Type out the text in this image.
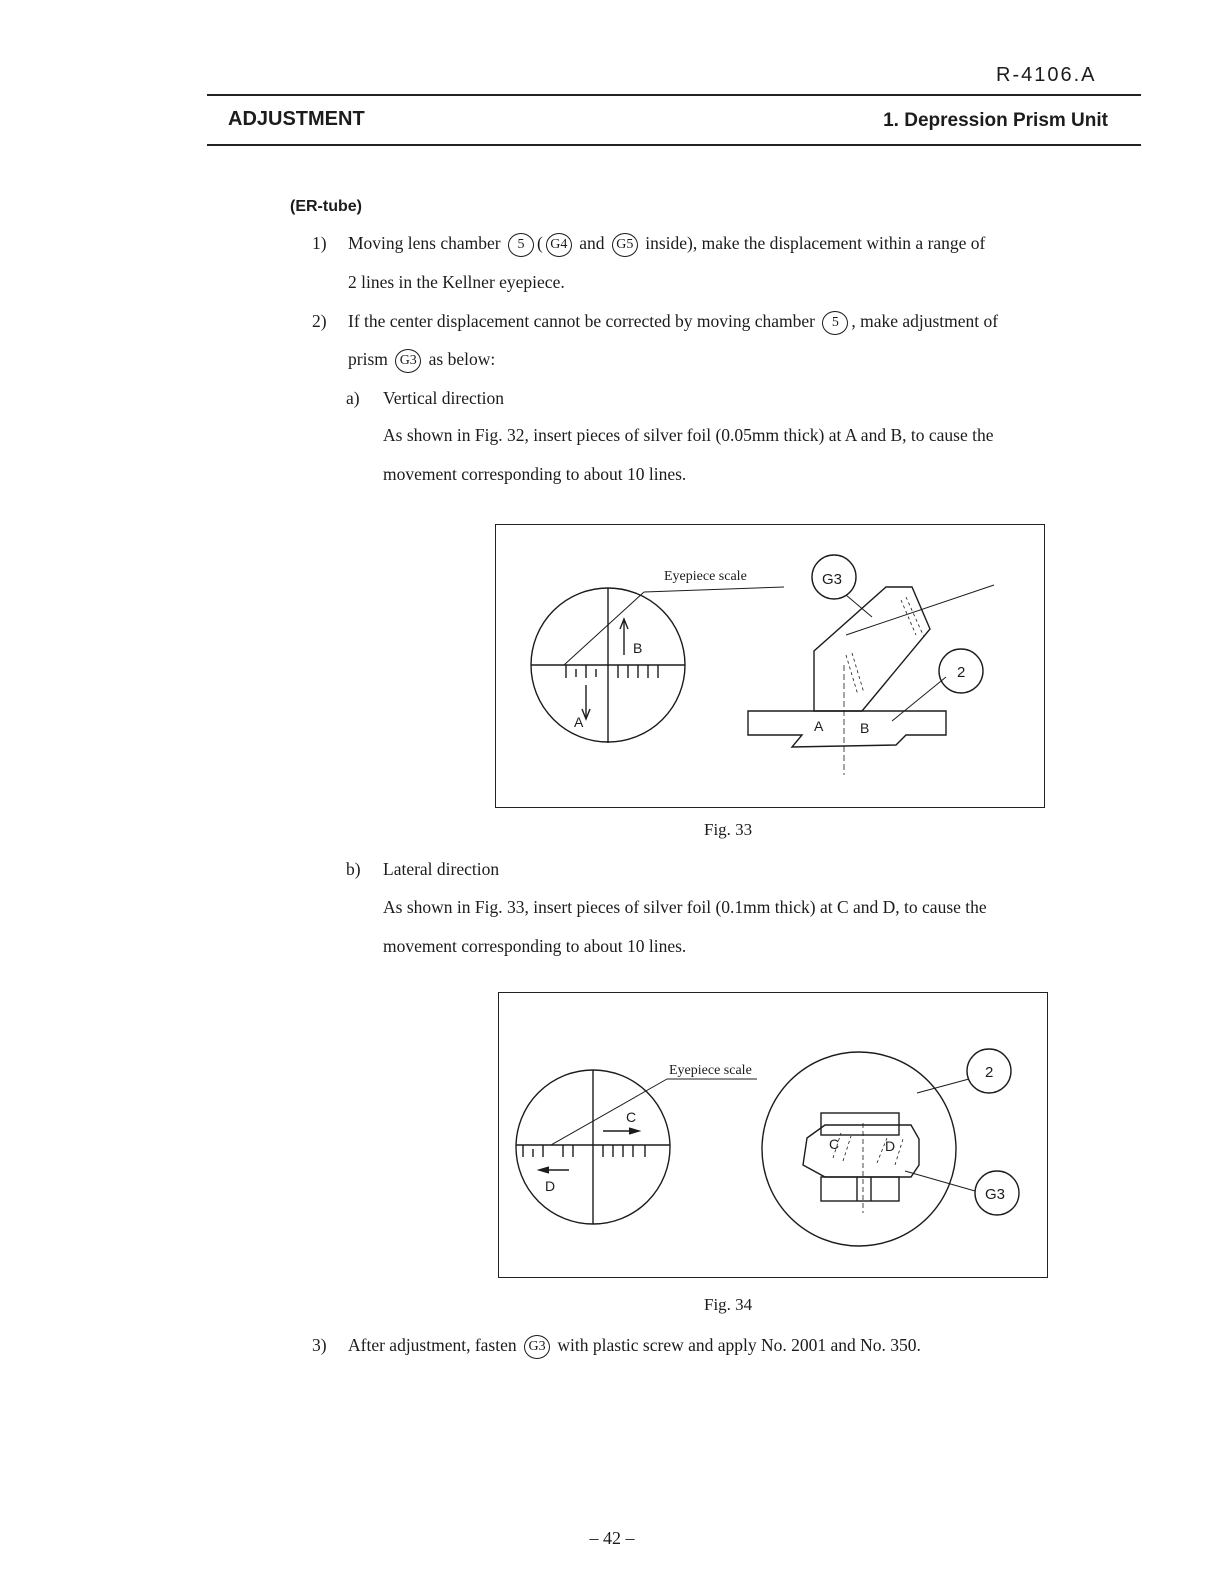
R-4106.A
ADJUSTMENT	1. Depression Prism Unit
(ER-tube)
1) Moving lens chamber 5 ( G4 and G5 inside), make the displacement within a range of
2 lines in the Kellner eyepiece.
2) If the center displacement cannot be corrected by moving chamber 5 , make adjustment of
prism G3 as below:
a) Vertical direction
As shown in Fig. 32, insert pieces of silver foil (0.05mm thick) at A and B, to cause the
movement corresponding to about 10 lines.
B
A
Eyepiece scale	G3
2
A	B
Fig. 33
b) Lateral direction
As shown in Fig. 33, insert pieces of silver foil (0.1mm thick) at C and D, to cause the
movement corresponding to about 10 lines.
C
D
Eyepiece scale	2
G3
C	D
Fig. 34
3) After adjustment, fasten G3 with plastic screw and apply No. 2001 and No. 350.
– 42 –
